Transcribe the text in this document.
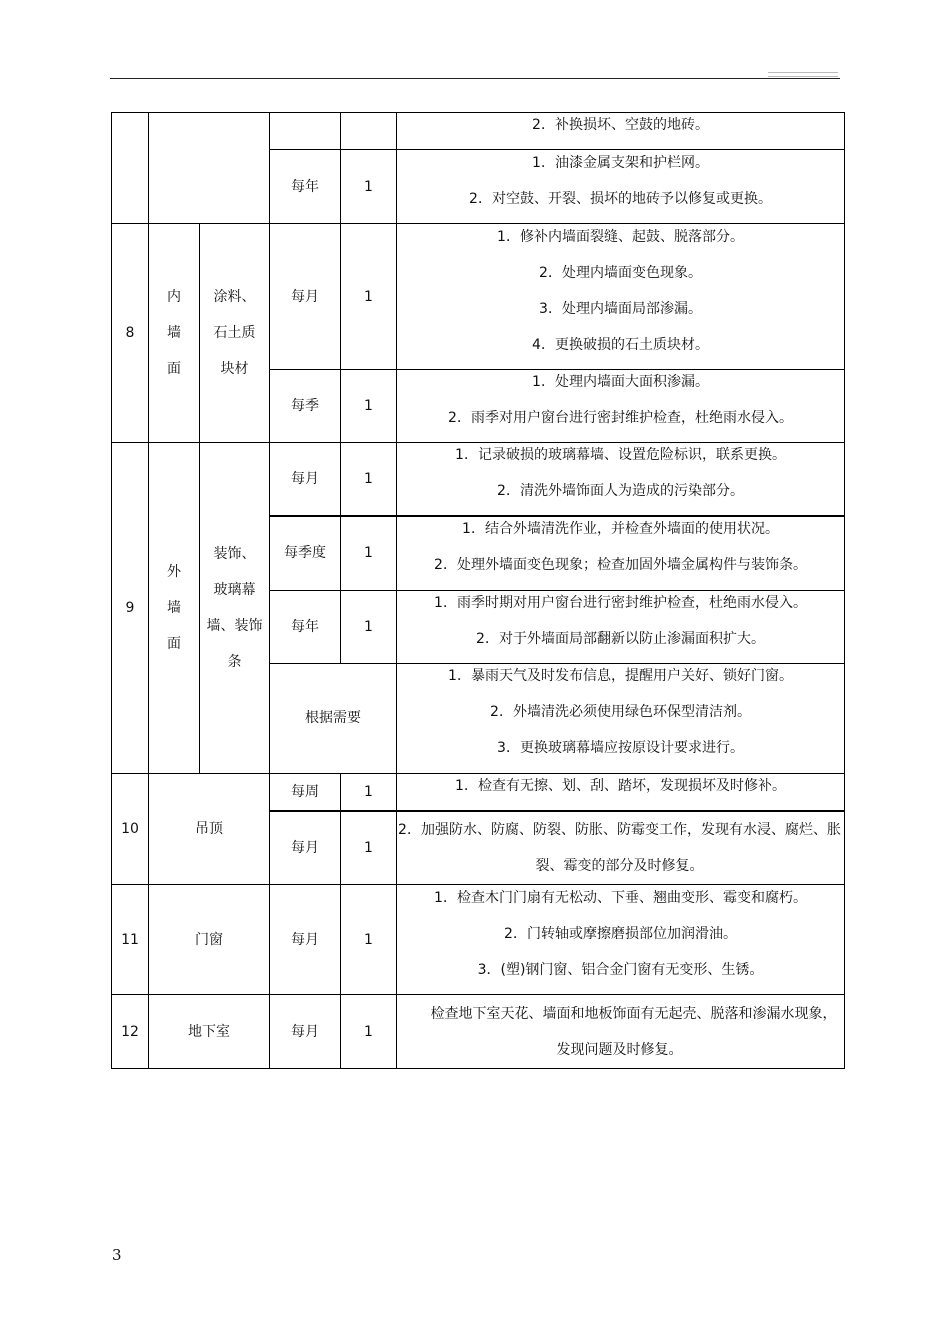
					2．补换损坏、空鼓的地砖。

			每年	1	1．油漆金属支架和护栏网。
2．对空鼓、开裂、损坏的地砖予以修复或更换。

8	内
墙
面	涂料、
石土质
块材	每月	1	1．修补内墙面裂缝、起鼓、脱落部分。
2．处理内墙面变色现象。
3．处理内墙面局部渗漏。
4．更换破损的石土质块材。

			每季	1	1．处理内墙面大面积渗漏。
2．雨季对用户窗台进行密封维护检查，杜绝雨水侵入。

9	外
墙
面	装饰、
玻璃幕
墙、装饰
条	每月	1	1．记录破损的玻璃幕墙、设置危险标识，联系更换。
2．清洗外墙饰面人为造成的污染部分。

			每季度	1	1．结合外墙清洗作业，并检查外墙面的使用状况。
2．处理外墙面变色现象；检查加固外墙金属构件与装饰条。

			每年	1	1．雨季时期对用户窗台进行密封维护检查，杜绝雨水侵入。
2．对于外墙面局部翻新以防止渗漏面积扩大。

			根据需要		1．暴雨天气及时发布信息，提醒用户关好、锁好门窗。
2．外墙清洗必须使用绿色环保型清洁剂。
3．更换玻璃幕墙应按原设计要求进行。

10	吊顶		每周	1	1．检查有无擦、划、刮、踏坏，发现损坏及时修补。

			每月	1	2．加强防水、防腐、防裂、防胀、防霉变工作，发现有水浸、腐烂、胀裂、霉变的部分及时修复。

11	门窗		每月	1	1．检查木门门扇有无松动、下垂、翘曲变形、霉变和腐朽。
2．门转轴或摩擦磨损部位加润滑油。
3．(塑)钢门窗、铝合金门窗有无变形、生锈。

12	地下室		每月	1	检查地下室天花、墙面和地板饰面有无起壳、脱落和渗漏水现象，发现问题及时修复。
3
